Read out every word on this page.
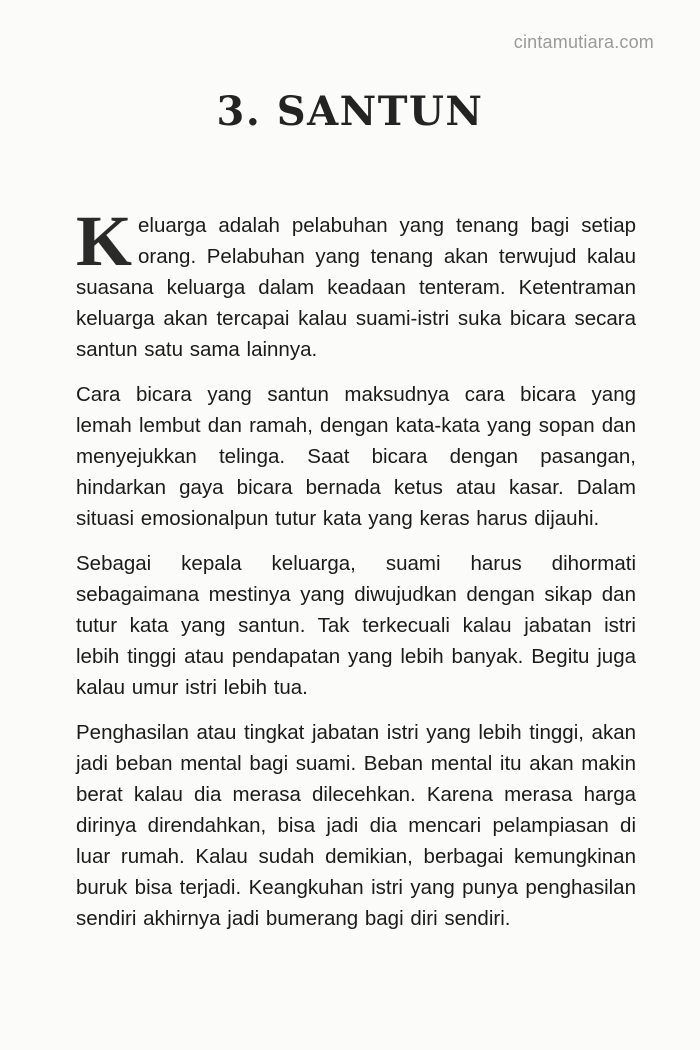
cintamutiara.com
3. SANTUN

Keluarga adalah pelabuhan yang tenang bagi setiap orang. Pelabuhan yang tenang akan terwujud kalau suasana keluarga dalam keadaan tenteram. Ketentraman keluarga akan tercapai kalau suami-istri suka bicara secara santun satu sama lainnya.

Cara bicara yang santun maksudnya cara bicara yang lemah lembut dan ramah, dengan kata-kata yang sopan dan menyejukkan telinga. Saat bicara dengan pasangan, hindarkan gaya bicara bernada ketus atau kasar. Dalam situasi emosionalpun tutur kata yang keras harus dijauhi.

Sebagai kepala keluarga, suami harus dihormati sebagaimana mestinya yang diwujudkan dengan sikap dan tutur kata yang santun. Tak terkecuali kalau jabatan istri lebih tinggi atau pendapatan yang lebih banyak. Begitu juga kalau umur istri lebih tua.

Penghasilan atau tingkat jabatan istri yang lebih tinggi, akan jadi beban mental bagi suami. Beban mental itu akan makin berat kalau dia merasa dilecehkan. Karena merasa harga dirinya direndahkan, bisa jadi dia mencari pelampiasan di luar rumah. Kalau sudah demikian, berbagai kemungkinan buruk bisa terjadi. Keangkuhan istri yang punya penghasilan sendiri akhirnya jadi bumerang bagi diri sendiri.
